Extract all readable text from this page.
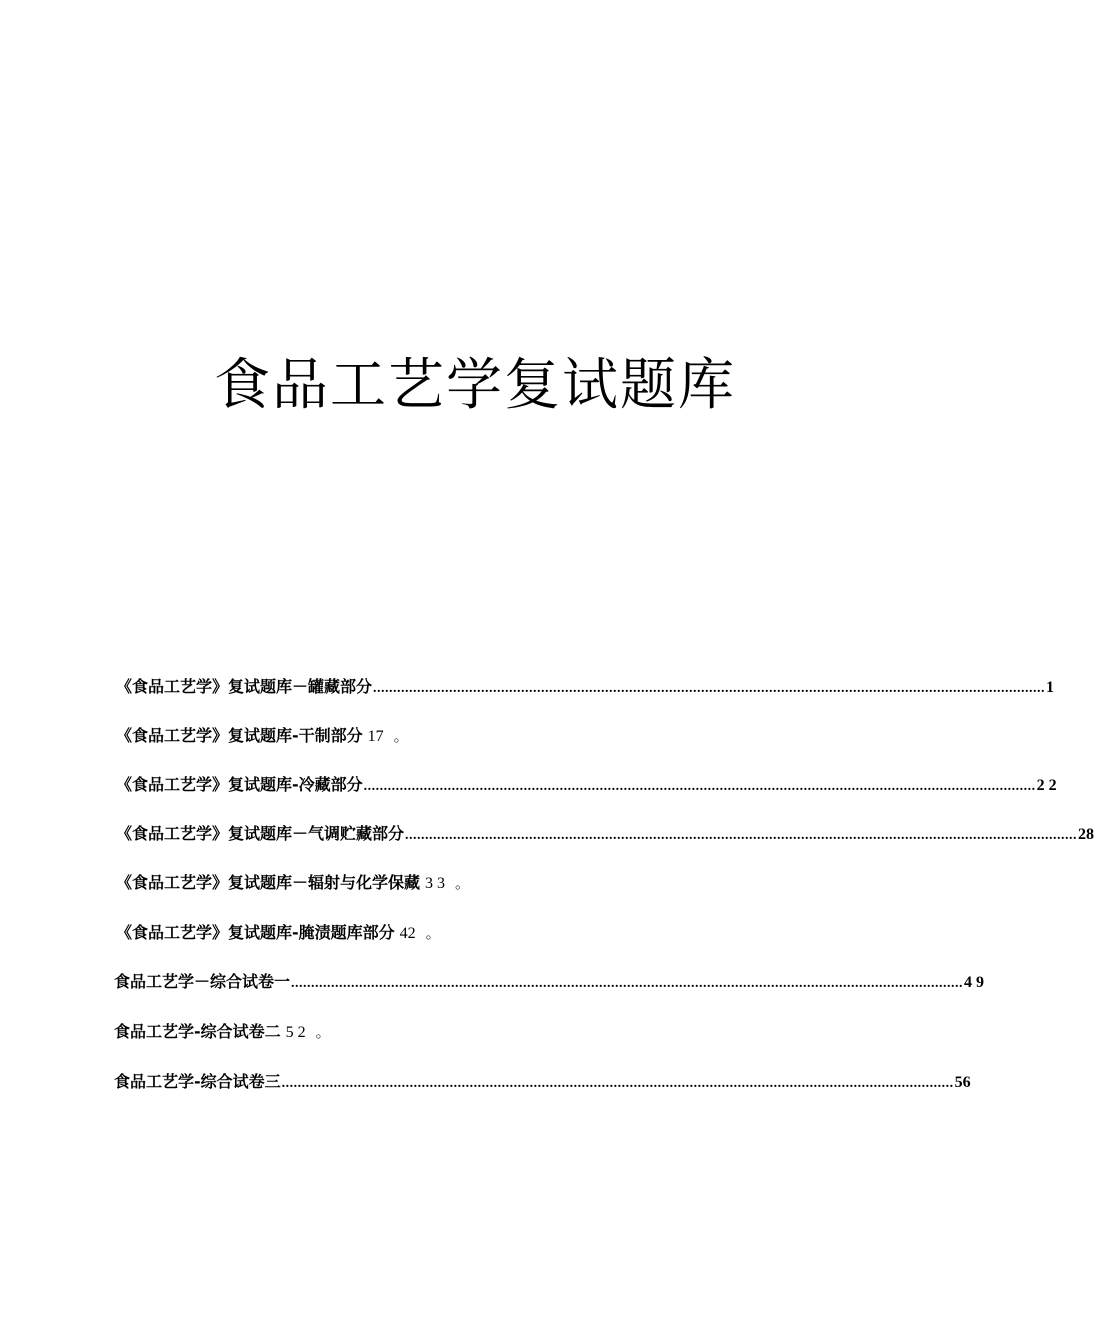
食品工艺学复试题库
《食品工艺学》复试题库－罐藏部分 ........................................................................................................................................................................ 1
《食品工艺学》复试题库-干制部分 17 。
《食品工艺学》复试题库-冷藏部分 ........................................................................................................................................................................ 2 2
《食品工艺学》复试题库－气调贮藏部分 ........................................................................................................................................................................ 28
《食品工艺学》复试题库－辐射与化学保藏 3 3 。
《食品工艺学》复试题库-腌渍题库部分 42 。
食品工艺学－综合试卷一 ........................................................................................................................................................................ 4 9
食品工艺学-综合试卷二 5 2 。
食品工艺学-综合试卷三 ........................................................................................................................................................................ 56
